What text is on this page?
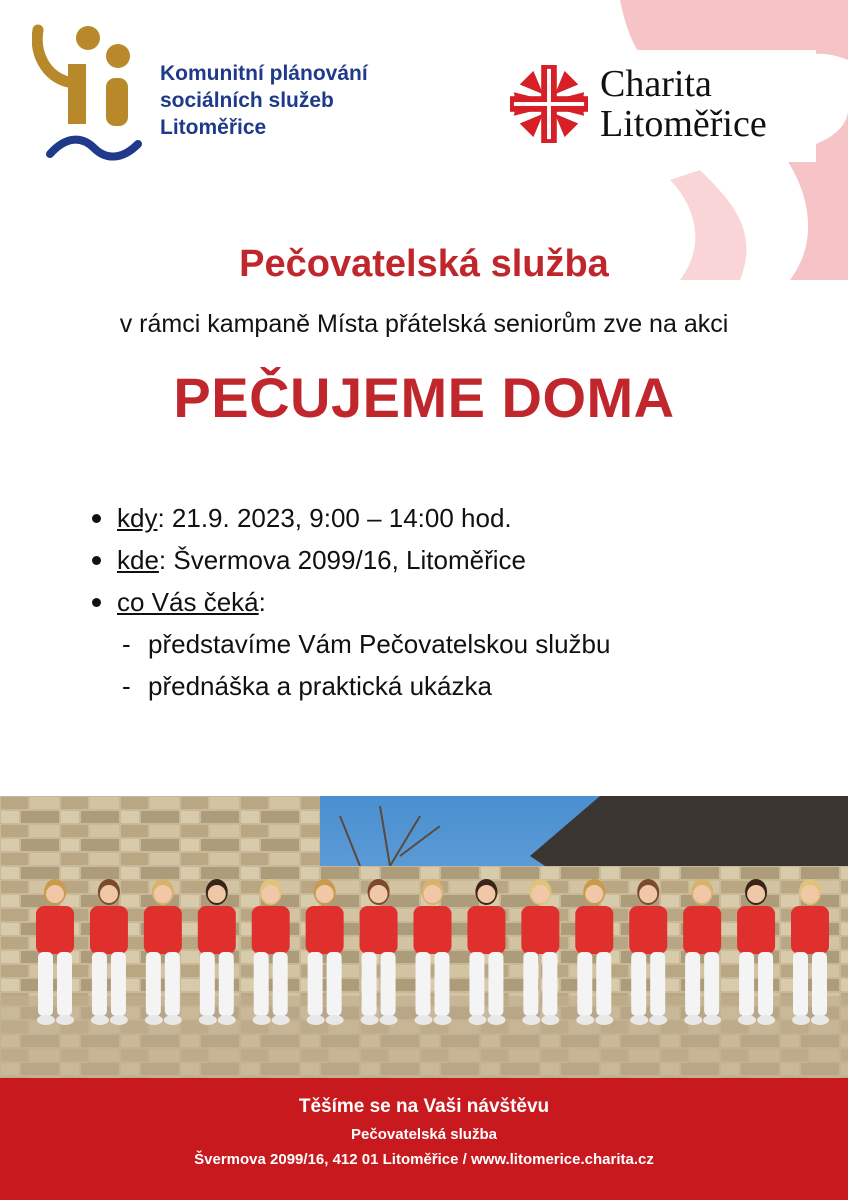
Komunitní plánování
sociálních služeb
Litoměřice
Charita
Litoměřice
Pečovatelská služba
v rámci kampaně Místa přátelská seniorům zve na akci
PEČUJEME DOMA
kdy: 21.9. 2023, 9:00 – 14:00 hod.
kde: Švermova 2099/16, Litoměřice
co Vás čeká:
- představíme Vám Pečovatelskou službu
- přednáška a praktická ukázka
Těšíme se na Vaši návštěvu
Pečovatelská služba
Švermova 2099/16, 412 01 Litoměřice / www.litomerice.charita.cz
